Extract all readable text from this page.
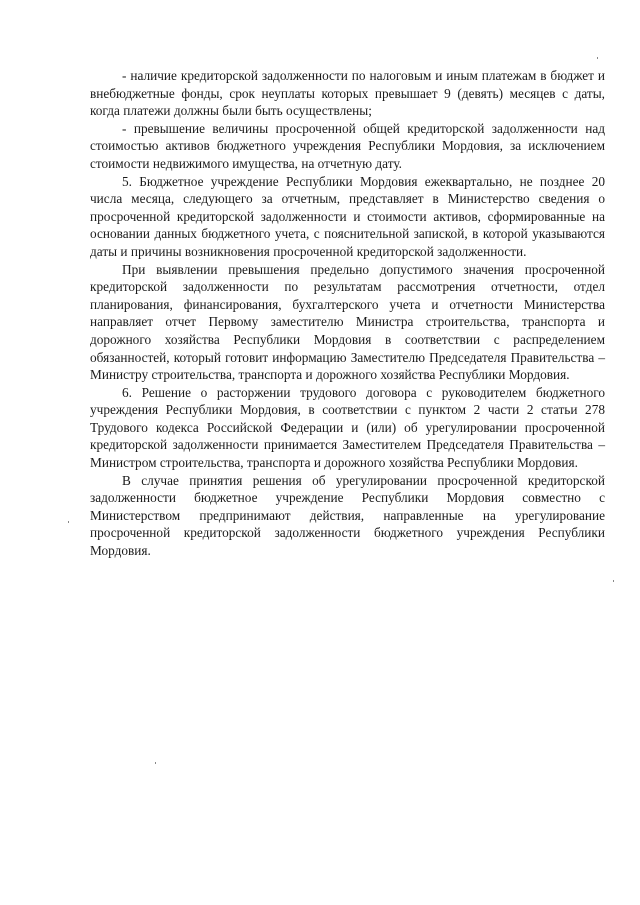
- наличие кредиторской задолженности по налоговым и иным платежам в бюджет и внебюджетные фонды, срок неуплаты которых превышает 9 (девять) месяцев с даты, когда платежи должны были быть осуществлены;

- превышение величины просроченной общей кредиторской задолженности над стоимостью активов бюджетного учреждения Республики Мордовия, за исключением стоимости недвижимого имущества, на отчетную дату.

5. Бюджетное учреждение Республики Мордовия ежеквартально, не позднее 20 числа месяца, следующего за отчетным, представляет в Министерство сведения о просроченной кредиторской задолженности и стоимости активов, сформированные на основании данных бюджетного учета, с пояснительной запиской, в которой указываются даты и причины возникновения просроченной кредиторской задолженности.

При выявлении превышения предельно допустимого значения просроченной кредиторской задолженности по результатам рассмотрения отчетности, отдел планирования, финансирования, бухгалтерского учета и отчетности Министерства направляет отчет Первому заместителю Министра строительства, транспорта и дорожного хозяйства Республики Мордовия в соответствии с распределением обязанностей, который готовит информацию Заместителю Председателя Правительства – Министру строительства, транспорта и дорожного хозяйства Республики Мордовия.

6. Решение о расторжении трудового договора с руководителем бюджетного учреждения Республики Мордовия, в соответствии с пунктом 2 части 2 статьи 278 Трудового кодекса Российской Федерации и (или) об урегулировании просроченной кредиторской задолженности принимается Заместителем Председателя Правительства – Министром строительства, транспорта и дорожного хозяйства Республики Мордовия.

В случае принятия решения об урегулировании просроченной кредиторской задолженности бюджетное учреждение Республики Мордовия совместно с Министерством предпринимают действия, направленные на урегулирование просроченной кредиторской задолженности бюджетного учреждения Республики Мордовия.
